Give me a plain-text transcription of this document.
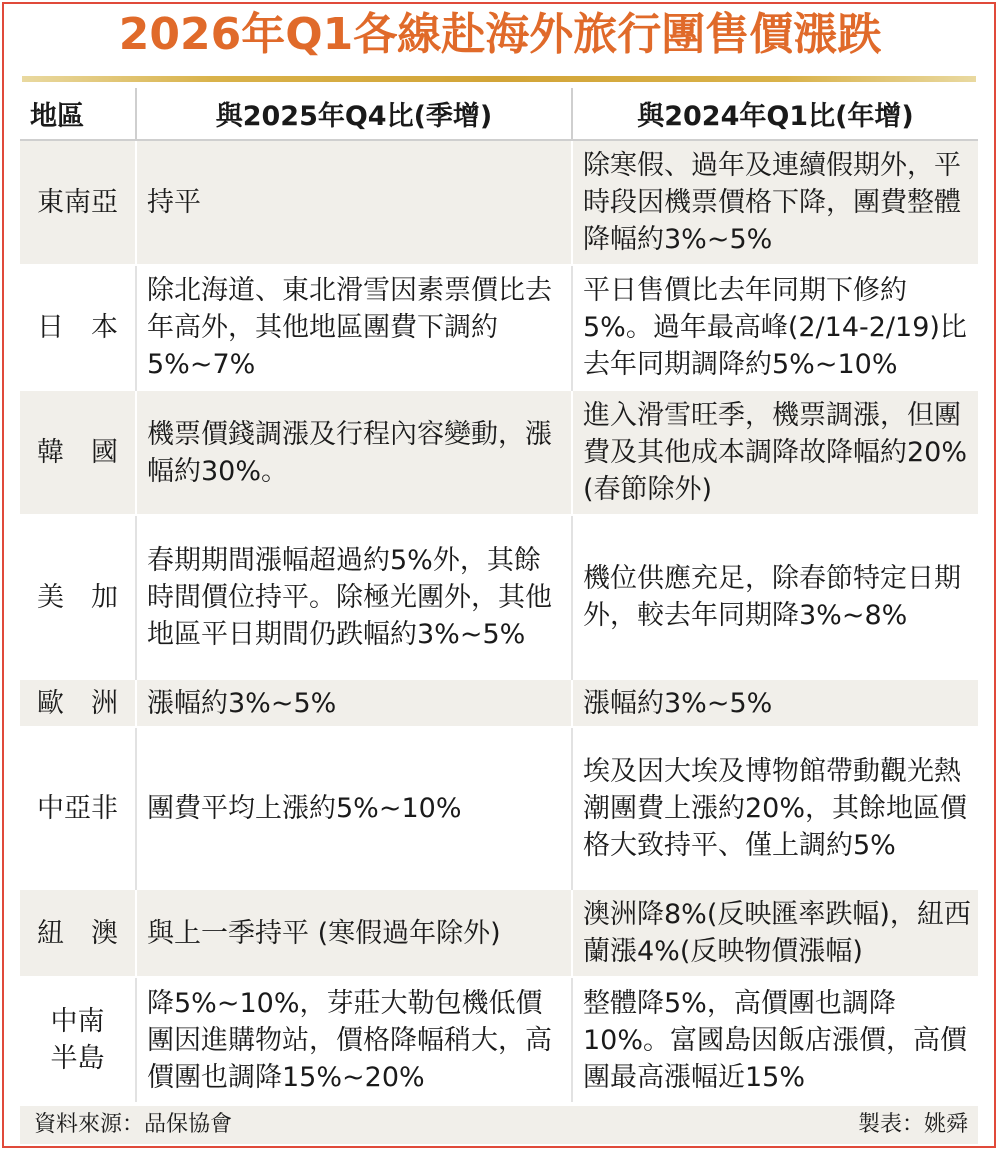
2026年Q1各線赴海外旅行團售價漲跌
地區	與2025年Q4比(季增)	與2024年Q1比(年增)
東南亞	持平	除寒假、過年及連續假期外，平時段因機票價格下降，團費整體降幅約3%~5%
日　本	除北海道、東北滑雪因素票價比去年高外，其他地區團費下調約5%~7%	平日售價比去年同期下修約5%。過年最高峰(2/14-2/19)比去年同期調降約5%~10%
韓　國	機票價錢調漲及行程內容變動，漲幅約30%。	進入滑雪旺季，機票調漲，但團費及其他成本調降故降幅約20% (春節除外)
美　加	春期期間漲幅超過約5%外，其餘時間價位持平。除極光團外，其他地區平日期間仍跌幅約3%~5%	機位供應充足，除春節特定日期外，較去年同期降3%~8%
歐　洲	漲幅約3%~5%	漲幅約3%~5%
中亞非	團費平均上漲約5%~10%	埃及因大埃及博物館帶動觀光熱潮團費上漲約20%，其餘地區價格大致持平、僅上調約5%
紐　澳	與上一季持平 (寒假過年除外)	澳洲降8%(反映匯率跌幅)，紐西蘭漲4%(反映物價漲幅)
中南半島	降5%~10%，芽莊大勒包機低價團因進購物站，價格降幅稍大，高價團也調降15%~20%	整體降5%，高價團也調降10%。富國島因飯店漲價，高價團最高漲幅近15%
資料來源：品保協會	製表：姚舜
